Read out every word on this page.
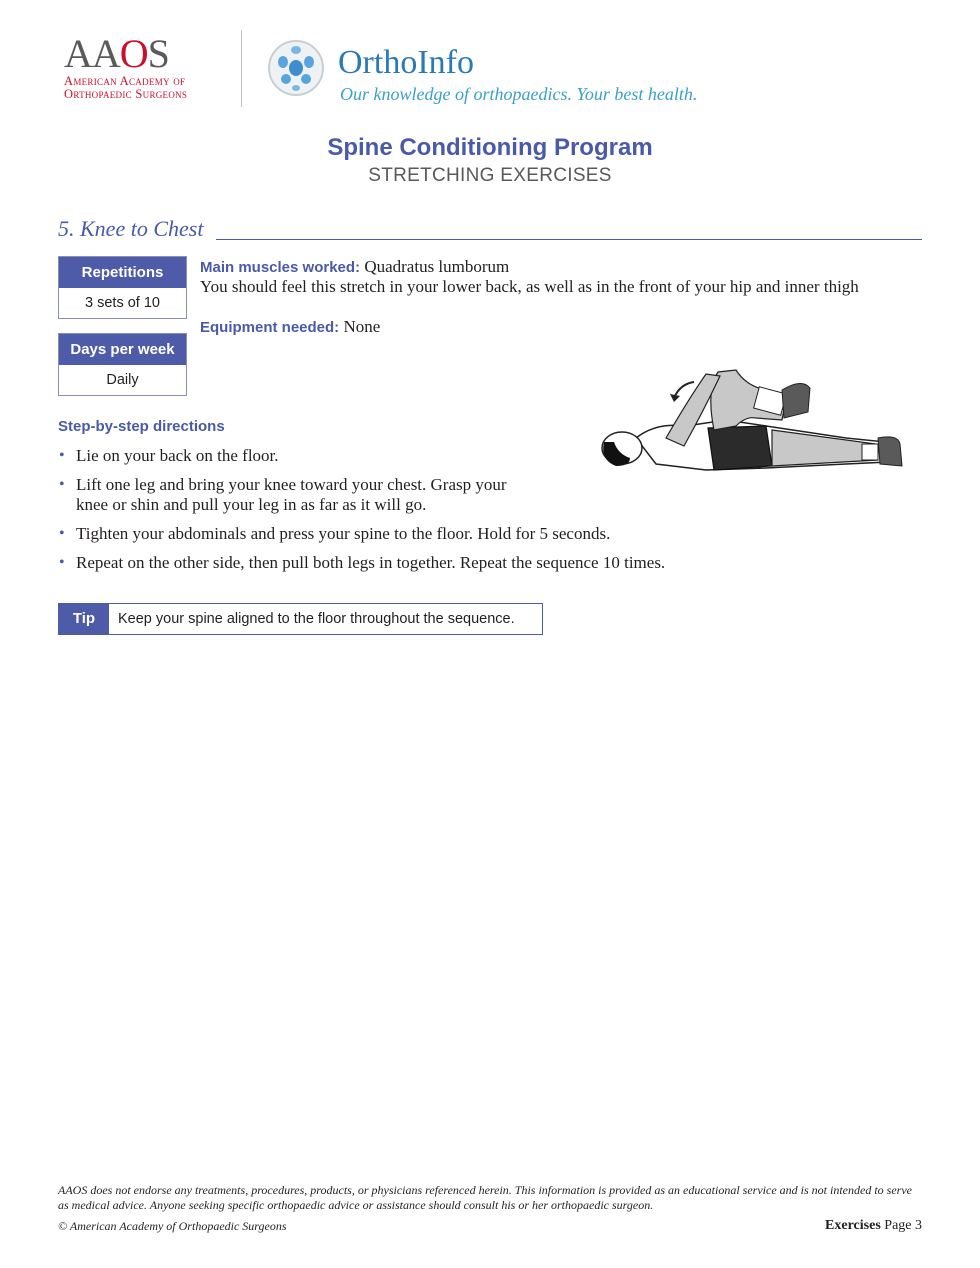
AAOS
American Academy of
Orthopaedic Surgeons
OrthoInfo
Our knowledge of orthopaedics. Your best health.
Spine Conditioning Program
STRETCHING EXERCISES
5. Knee to Chest
Repetitions
3 sets of 10
Days per week
Daily
Main muscles worked: Quadratus lumborum
You should feel this stretch in your lower back, as well as in the front of your hip and inner thigh
Equipment needed: None
Step-by-step directions
• Lie on your back on the floor.
• Lift one leg and bring your knee toward your chest. Grasp your knee or shin and pull your leg in as far as it will go.
• Tighten your abdominals and press your spine to the floor. Hold for 5 seconds.
• Repeat on the other side, then pull both legs in together. Repeat the sequence 10 times.
Tip	Keep your spine aligned to the floor throughout the sequence.
AAOS does not endorse any treatments, procedures, products, or physicians referenced herein. This information is provided as an educational service and is not intended to serve as medical advice. Anyone seeking specific orthopaedic advice or assistance should consult his or her orthopaedic surgeon.
© American Academy of Orthopaedic Surgeons	Exercises Page 3
